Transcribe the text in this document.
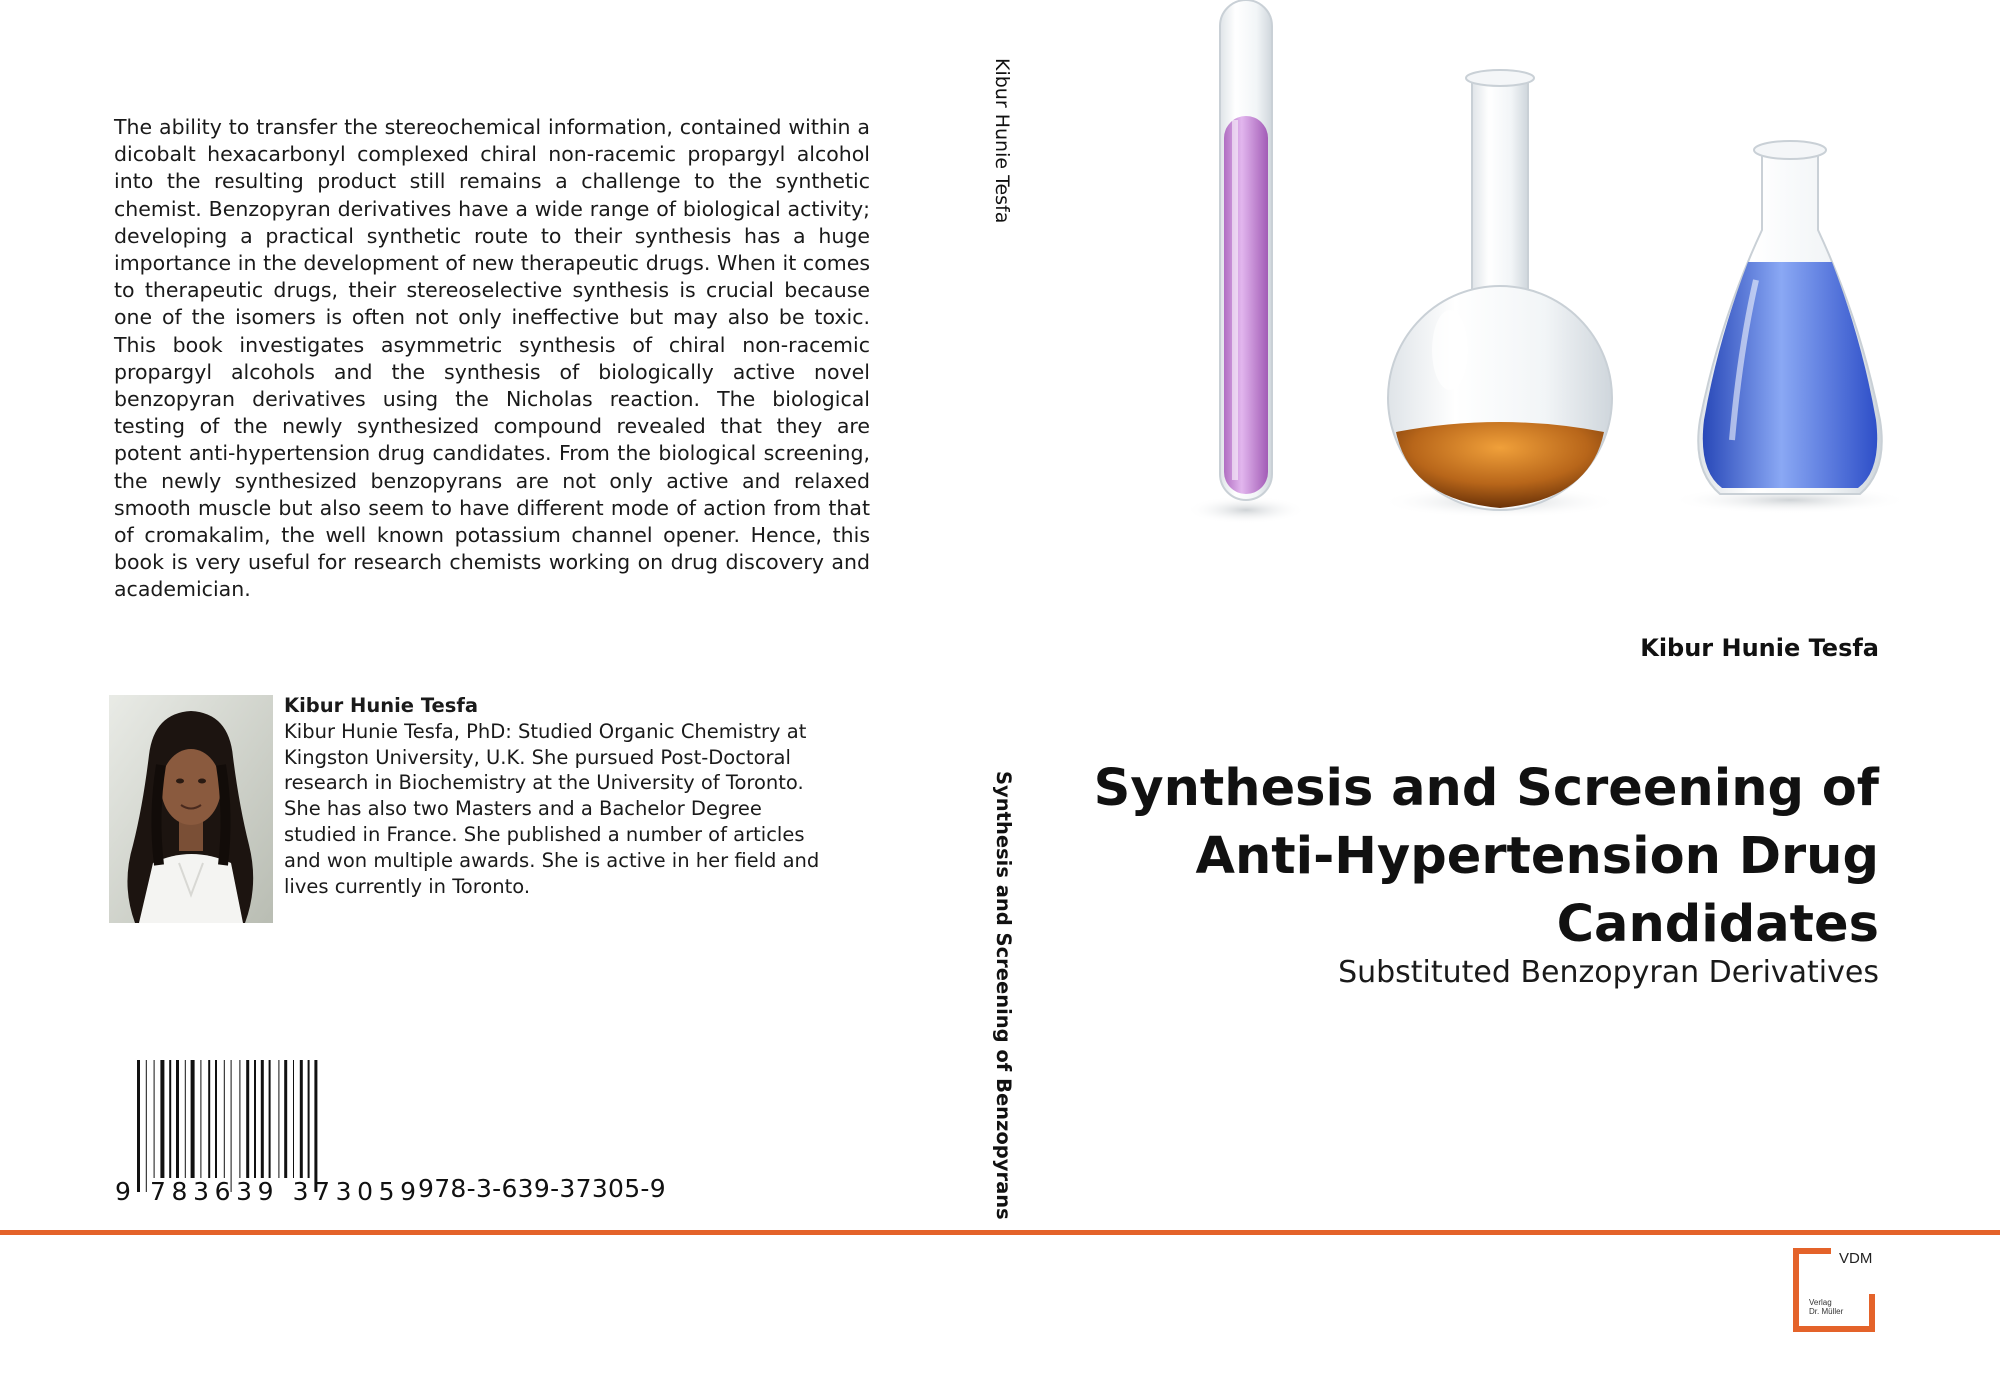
The ability to transfer the stereochemical information, contained within a dicobalt hexacarbonyl complexed chiral non-racemic propargyl alcohol into the resulting product still remains a challenge to the synthetic chemist. Benzopyran derivatives have a wide range of biological activity; developing a practical synthetic route to their synthesis has a huge importance in the development of new therapeutic drugs. When it comes to therapeutic drugs, their stereoselective synthesis is crucial because one of the isomers is often not only ineffective but may also be toxic. This book investigates asymmetric synthesis of chiral non-racemic propargyl alcohols and the synthesis of biologically active novel benzopyran derivatives using the Nicholas reaction. The biological testing of the newly synthesized compound revealed that they are potent anti-hypertension drug candidates. From the biological screening, the newly synthesized benzopyrans are not only active and relaxed smooth muscle but also seem to have different mode of action from that of cromakalim, the well known potassium channel opener. Hence, this book is very useful for research chemists working on drug discovery and academician.
Kibur Hunie Tesfa
Kibur Hunie Tesfa, PhD: Studied Organic Chemistry at Kingston University, U.K. She pursued Post-Doctoral research in Biochemistry at the University of Toronto. She has also two Masters and a Bachelor Degree studied in France. She published a number of articles and won multiple awards. She is active in her field and lives currently in Toronto.
9 783639 373059
978-3-639-37305-9
Kibur Hunie Tesfa
Synthesis and Screening of Benzopyrans
Kibur Hunie Tesfa
Synthesis and Screening of Anti-Hypertension Drug Candidates
Substituted Benzopyran Derivatives
VDM
Verlag
Dr. Müller
